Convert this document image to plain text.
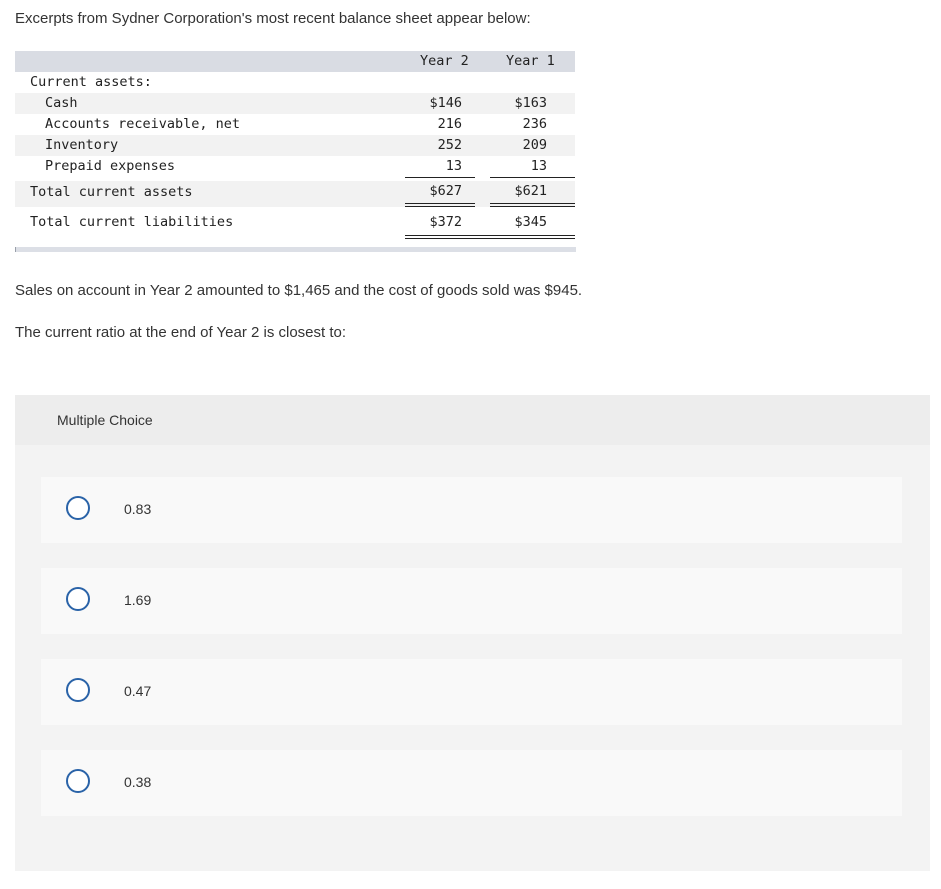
Excerpts from Sydner Corporation's most recent balance sheet appear below:

Year 2	Year 1
Current assets:
Cash	$146	$163
Accounts receivable, net	216	236
Inventory	252	209
Prepaid expenses	13	13
Total current assets	$627	$621
Total current liabilities	$372	$345

Sales on account in Year 2 amounted to $1,465 and the cost of goods sold was $945.

The current ratio at the end of Year 2 is closest to:

Multiple Choice
0.83
1.69
0.47
0.38
